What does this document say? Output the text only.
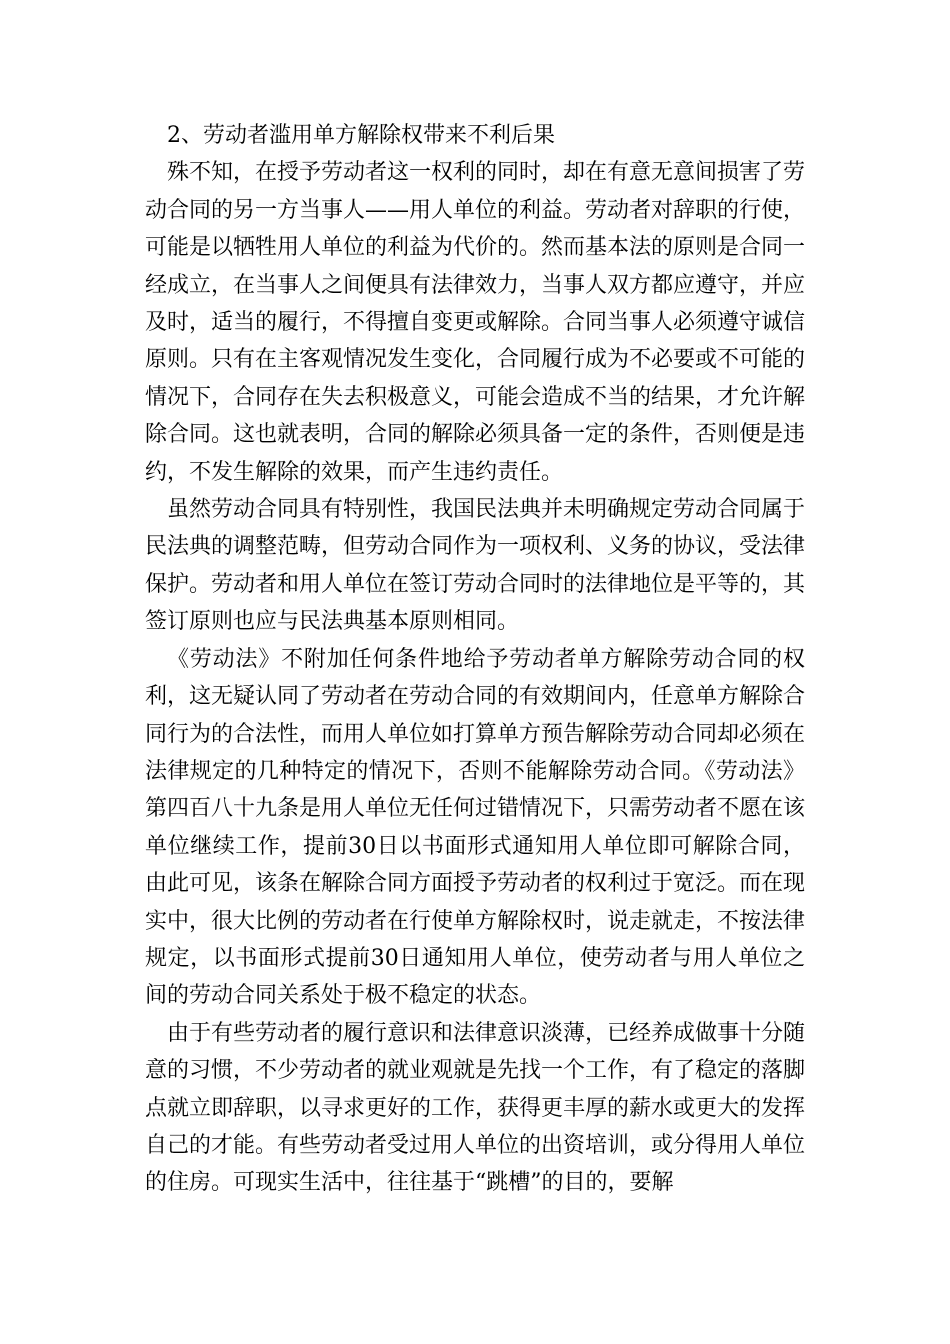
2、劳动者滥用单方解除权带来不利后果

殊不知，在授予劳动者这一权利的同时，却在有意无意间损害了劳动合同的另一方当事人——用人单位的利益。劳动者对辞职的行使，可能是以牺牲用人单位的利益为代价的。然而基本法的原则是合同一经成立，在当事人之间便具有法律效力，当事人双方都应遵守，并应及时，适当的履行，不得擅自变更或解除。合同当事人必须遵守诚信原则。只有在主客观情况发生变化，合同履行成为不必要或不可能的情况下，合同存在失去积极意义，可能会造成不当的结果，才允许解除合同。这也就表明，合同的解除必须具备一定的条件，否则便是违约，不发生解除的效果，而产生违约责任。

虽然劳动合同具有特别性，我国民法典并未明确规定劳动合同属于民法典的调整范畴，但劳动合同作为一项权利、义务的协议，受法律保护。劳动者和用人单位在签订劳动合同时的法律地位是平等的，其签订原则也应与民法典基本原则相同。

《劳动法》不附加任何条件地给予劳动者单方解除劳动合同的权利，这无疑认同了劳动者在劳动合同的有效期间内，任意单方解除合同行为的合法性，而用人单位如打算单方预告解除劳动合同却必须在法律规定的几种特定的情况下，否则不能解除劳动合同。《劳动法》第四百八十九条是用人单位无任何过错情况下，只需劳动者不愿在该单位继续工作，提前30日以书面形式通知用人单位即可解除合同，由此可见，该条在解除合同方面授予劳动者的权利过于宽泛。而在现实中，很大比例的劳动者在行使单方解除权时，说走就走，不按法律规定，以书面形式提前30日通知用人单位，使劳动者与用人单位之间的劳动合同关系处于极不稳定的状态。

由于有些劳动者的履行意识和法律意识淡薄，已经养成做事十分随意的习惯，不少劳动者的就业观就是先找一个工作，有了稳定的落脚点就立即辞职，以寻求更好的工作，获得更丰厚的薪水或更大的发挥自己的才能。有些劳动者受过用人单位的出资培训，或分得用人单位的住房。可现实生活中，往往基于“跳槽”的目的，要解
